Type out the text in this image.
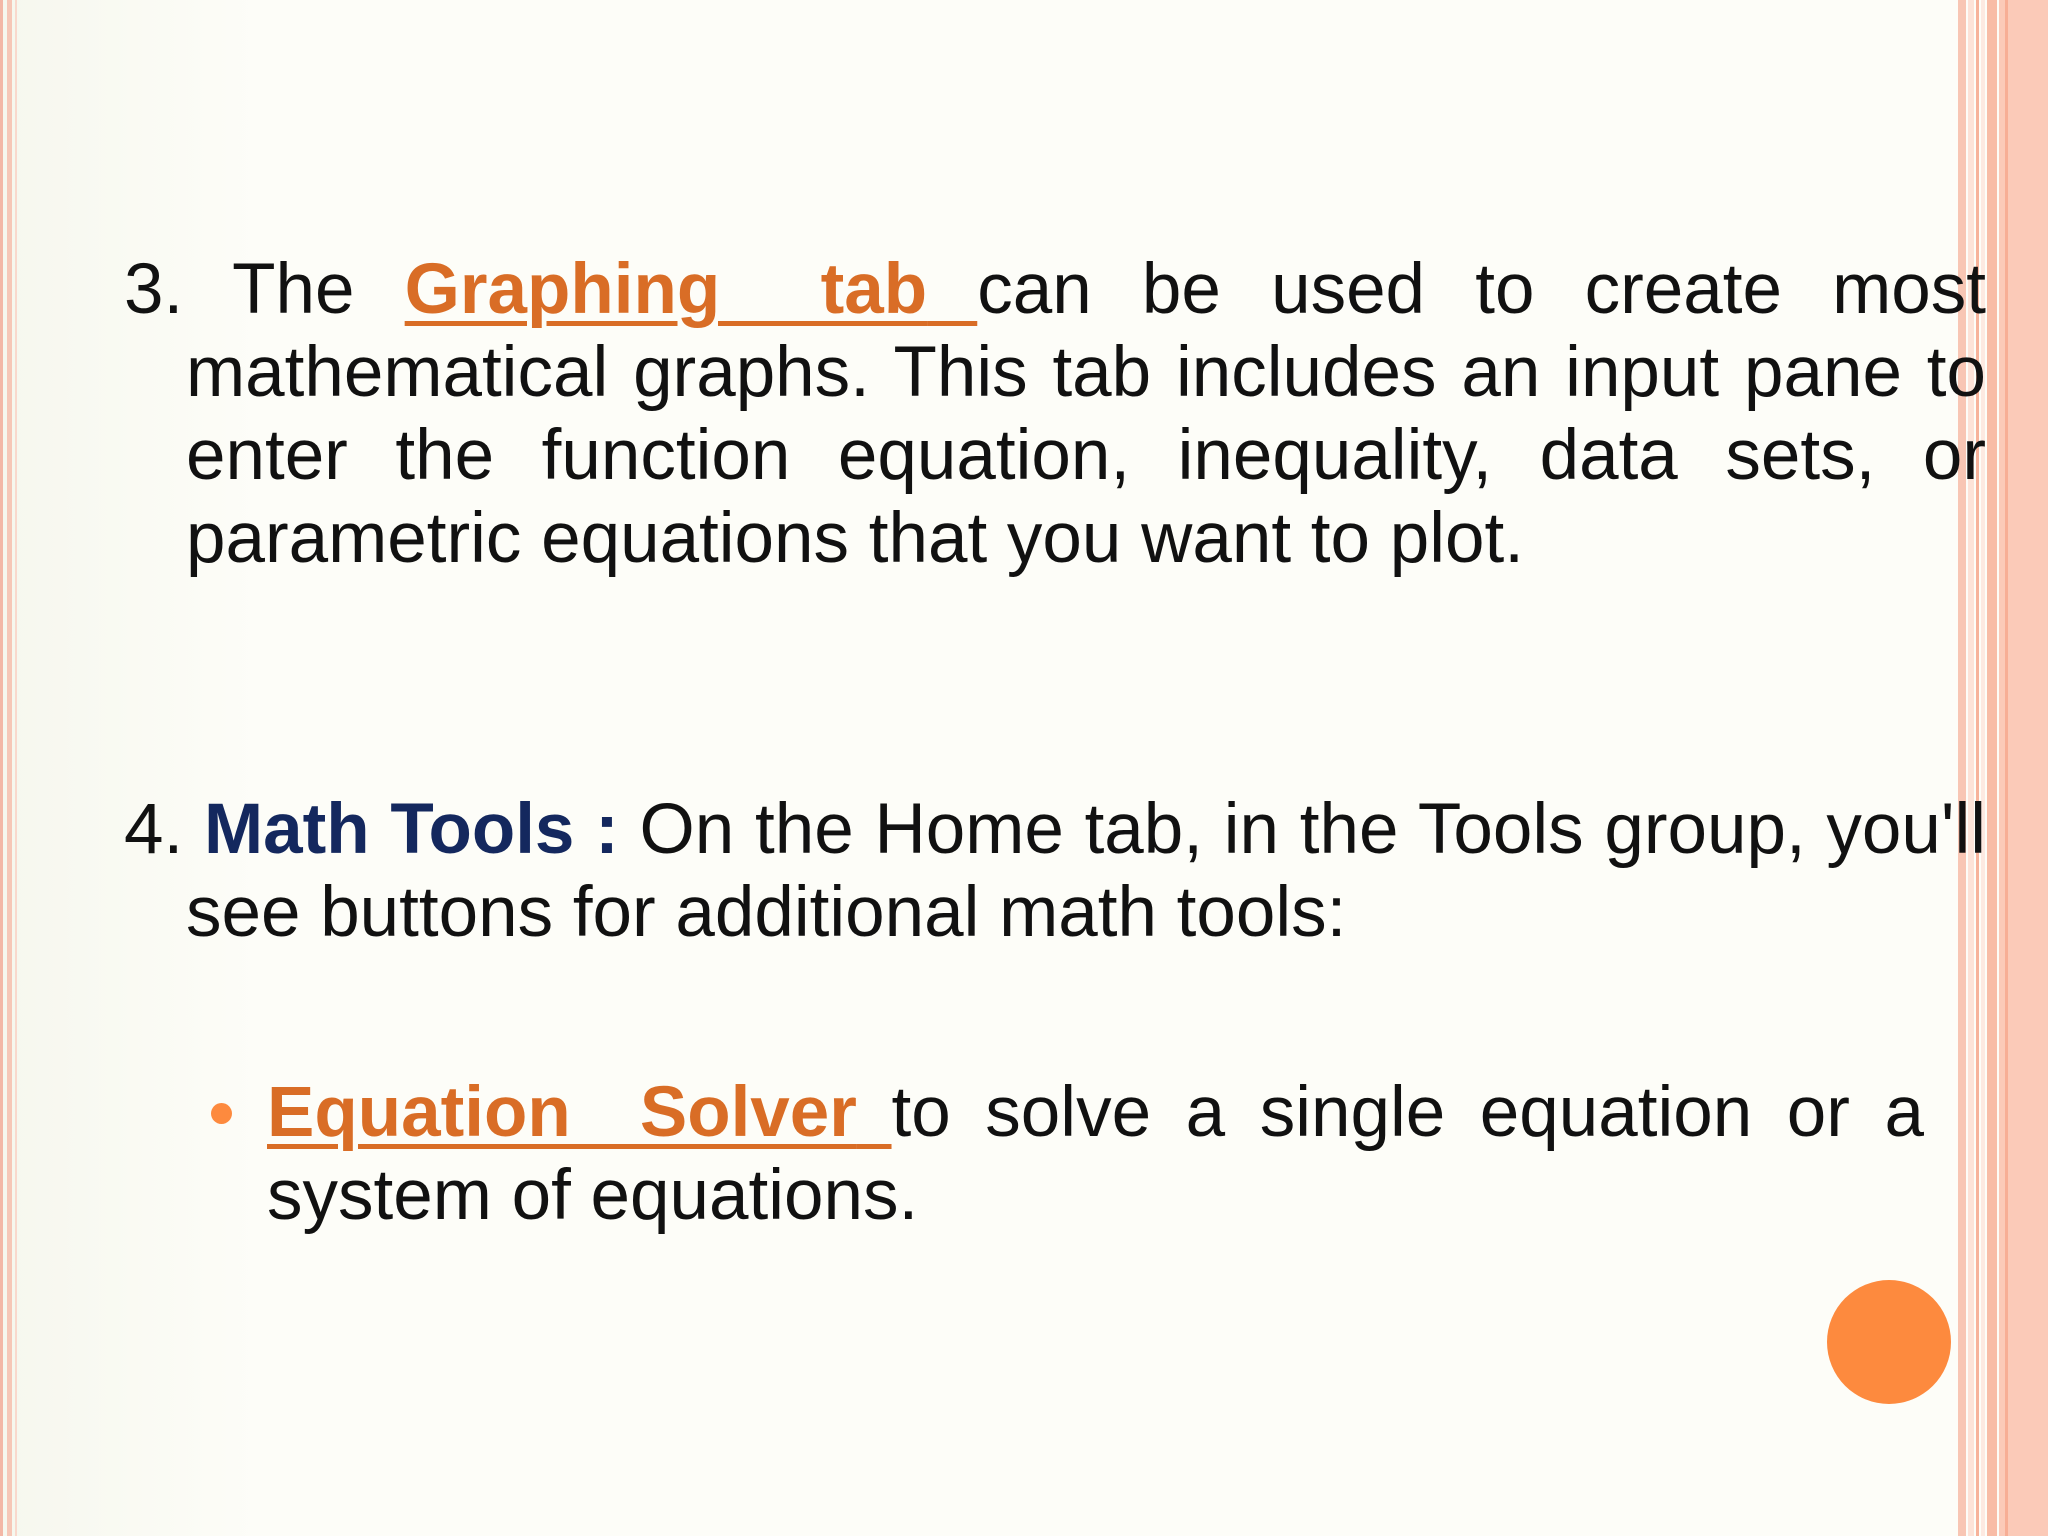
3. The Graphing  tab can be used to create most mathematical graphs. This tab includes an input pane to enter the function equation, inequality, data sets, or parametric equations that you want to plot.
4. Math Tools : On the Home tab, in the Tools group, you'll see buttons for additional math tools:
Equation  Solver to solve a single equation or a system of equations.
